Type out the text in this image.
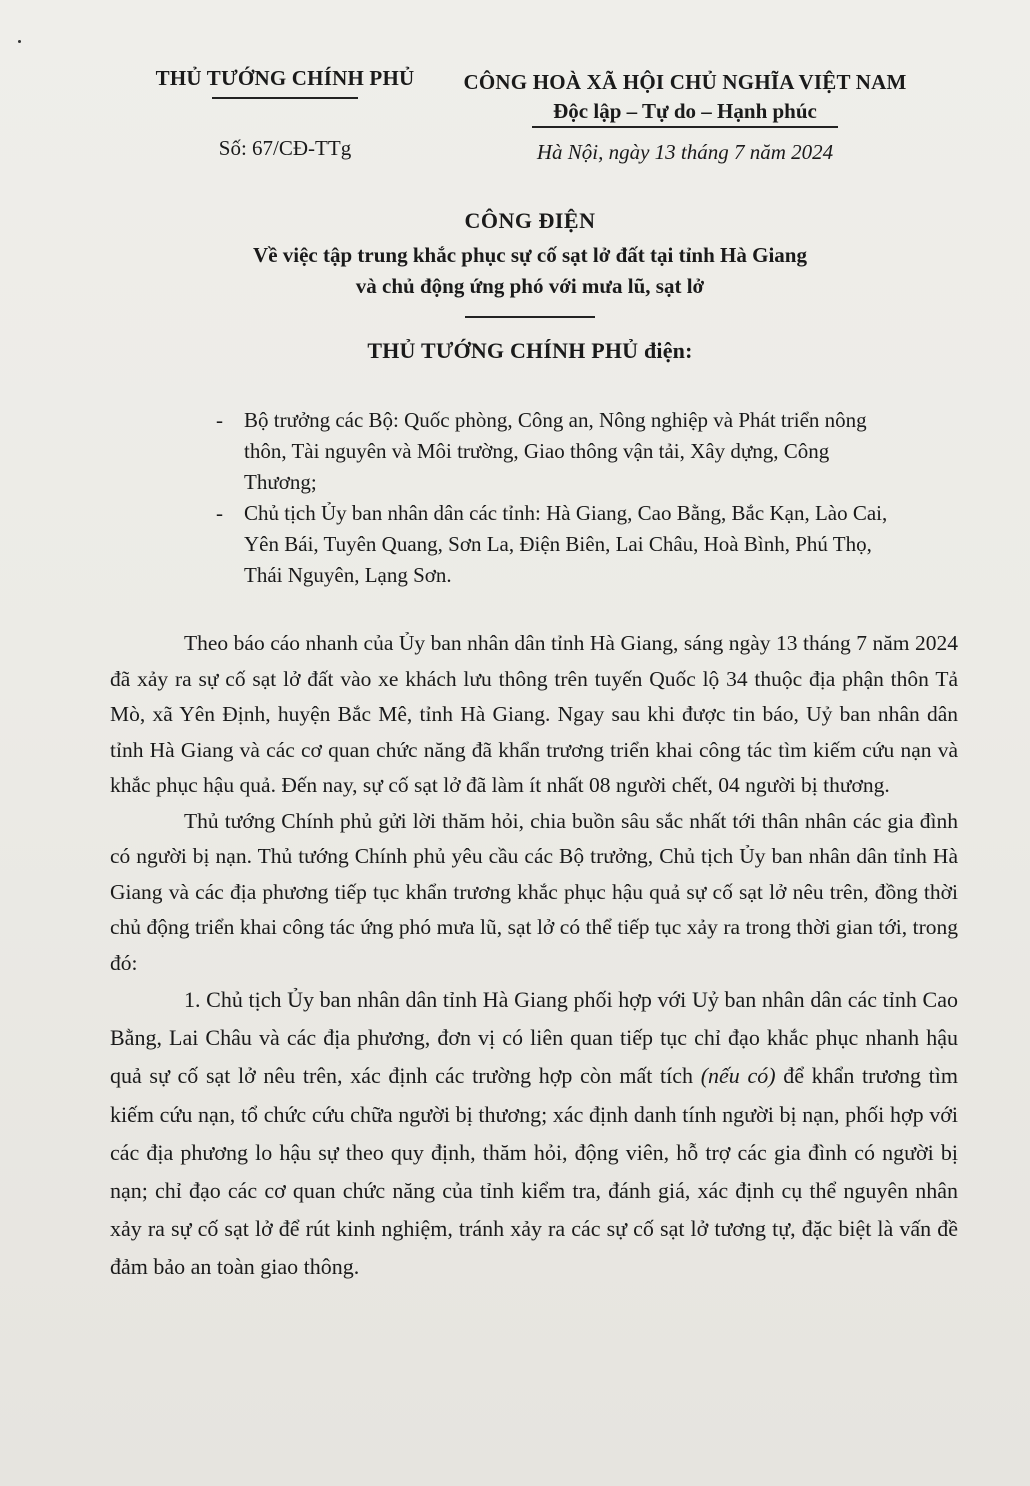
THỦ TƯỚNG CHÍNH PHỦ	CÔNG HOÀ XÃ HỘI CHỦ NGHĨA VIỆT NAM
Độc lập – Tự do – Hạnh phúc
Số: 67/CĐ-TTg	Hà Nội, ngày 13 tháng 7 năm 2024
CÔNG ĐIỆN
Về việc tập trung khắc phục sự cố sạt lở đất tại tỉnh Hà Giang
và chủ động ứng phó với mưa lũ, sạt lở
THỦ TƯỚNG CHÍNH PHỦ điện:
- Bộ trưởng các Bộ: Quốc phòng, Công an, Nông nghiệp và Phát triển nông thôn, Tài nguyên và Môi trường, Giao thông vận tải, Xây dựng, Công Thương;
- Chủ tịch Ủy ban nhân dân các tỉnh: Hà Giang, Cao Bằng, Bắc Kạn, Lào Cai, Yên Bái, Tuyên Quang, Sơn La, Điện Biên, Lai Châu, Hoà Bình, Phú Thọ, Thái Nguyên, Lạng Sơn.

Theo báo cáo nhanh của Ủy ban nhân dân tỉnh Hà Giang, sáng ngày 13 tháng 7 năm 2024 đã xảy ra sự cố sạt lở đất vào xe khách lưu thông trên tuyến Quốc lộ 34 thuộc địa phận thôn Tả Mò, xã Yên Định, huyện Bắc Mê, tỉnh Hà Giang. Ngay sau khi được tin báo, Uỷ ban nhân dân tỉnh Hà Giang và các cơ quan chức năng đã khẩn trương triển khai công tác tìm kiếm cứu nạn và khắc phục hậu quả. Đến nay, sự cố sạt lở đã làm ít nhất 08 người chết, 04 người bị thương.

Thủ tướng Chính phủ gửi lời thăm hỏi, chia buồn sâu sắc nhất tới thân nhân các gia đình có người bị nạn. Thủ tướng Chính phủ yêu cầu các Bộ trưởng, Chủ tịch Ủy ban nhân dân tỉnh Hà Giang và các địa phương tiếp tục khẩn trương khắc phục hậu quả sự cố sạt lở nêu trên, đồng thời chủ động triển khai công tác ứng phó mưa lũ, sạt lở có thể tiếp tục xảy ra trong thời gian tới, trong đó:

1. Chủ tịch Ủy ban nhân dân tỉnh Hà Giang phối hợp với Uỷ ban nhân dân các tỉnh Cao Bằng, Lai Châu và các địa phương, đơn vị có liên quan tiếp tục chỉ đạo khắc phục nhanh hậu quả sự cố sạt lở nêu trên, xác định các trường hợp còn mất tích (nếu có) để khẩn trương tìm kiếm cứu nạn, tổ chức cứu chữa người bị thương; xác định danh tính người bị nạn, phối hợp với các địa phương lo hậu sự theo quy định, thăm hỏi, động viên, hỗ trợ các gia đình có người bị nạn; chỉ đạo các cơ quan chức năng của tỉnh kiểm tra, đánh giá, xác định cụ thể nguyên nhân xảy ra sự cố sạt lở để rút kinh nghiệm, tránh xảy ra các sự cố sạt lở tương tự, đặc biệt là vấn đề đảm bảo an toàn giao thông.
